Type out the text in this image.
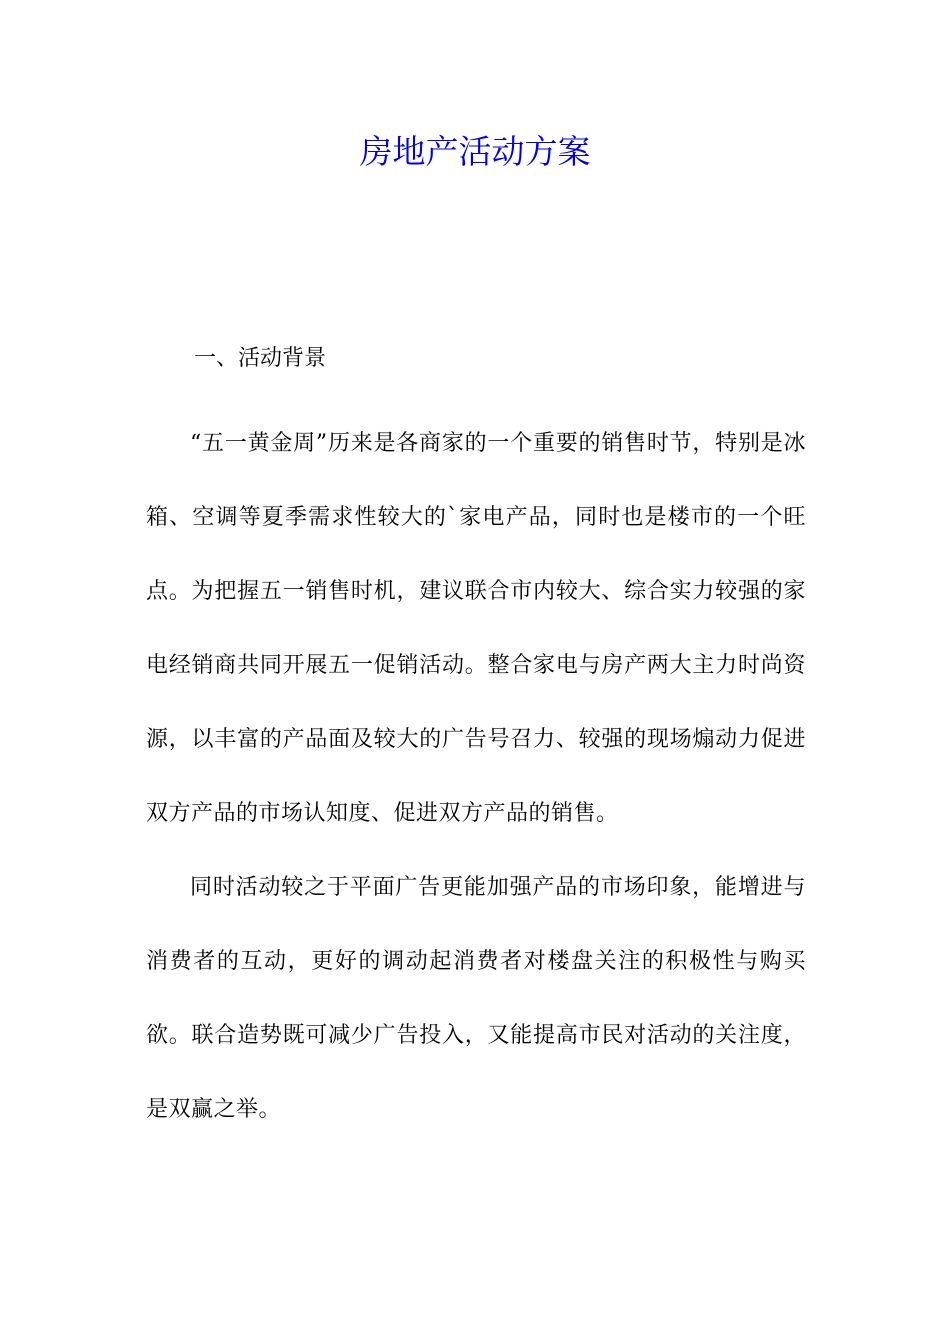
房地产活动方案
一、活动背景

“五一黄金周”历来是各商家的一个重要的销售时节，特别是冰箱、空调等夏季需求性较大的`家电产品，同时也是楼市的一个旺点。为把握五一销售时机，建议联合市内较大、综合实力较强的家电经销商共同开展五一促销活动。整合家电与房产两大主力时尚资源，以丰富的产品面及较大的广告号召力、较强的现场煽动力促进双方产品的市场认知度、促进双方产品的销售。

同时活动较之于平面广告更能加强产品的市场印象，能增进与消费者的互动，更好的调动起消费者对楼盘关注的积极性与购买欲。联合造势既可减少广告投入，又能提高市民对活动的关注度，是双赢之举。
